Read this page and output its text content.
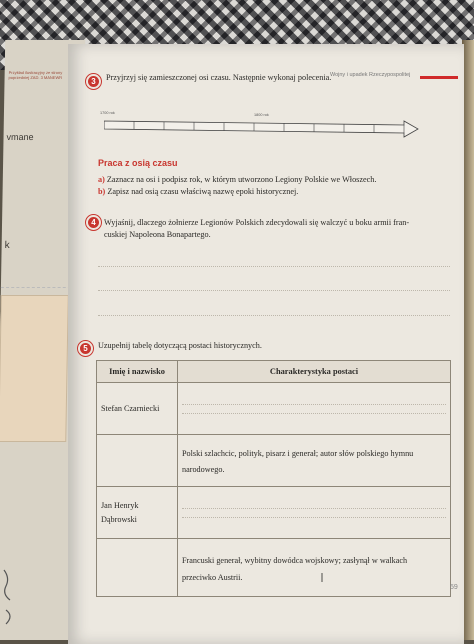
Przykład ilustracyjny ze strony poprzedniej ZAD. 3 MANEWR
vmane
k
Wojny i upadek Rzeczypospolitej
3	Przyjrzyj się zamieszczonej osi czasu. Następnie wykonaj polecenia.
1700 rok	1800 rok
Praca z osią czasu
a) Zaznacz na osi i podpisz rok, w którym utworzono Legiony Polskie we Włoszech.
b) Zapisz nad osią czasu właściwą nazwę epoki historycznej.
4	Wyjaśnij, dlaczego żołnierze Legionów Polskich zdecydowali się walczyć u boku armii fran-
cuskiej Napoleona Bonapartego.
5	Uzupełnij tabelę dotyczącą postaci historycznych.
Imię i nazwisko	Charakterystyka postaci
Stefan Czarniecki	

	Polski szlachcic, polityk, pisarz i generał; autor słów polskiego hymnu
narodowego.

Jan Henryk
Dąbrowski	

	Francuski generał, wybitny dowódca wojskowy; zasłynął w walkach
przeciwko Austrii.
59
